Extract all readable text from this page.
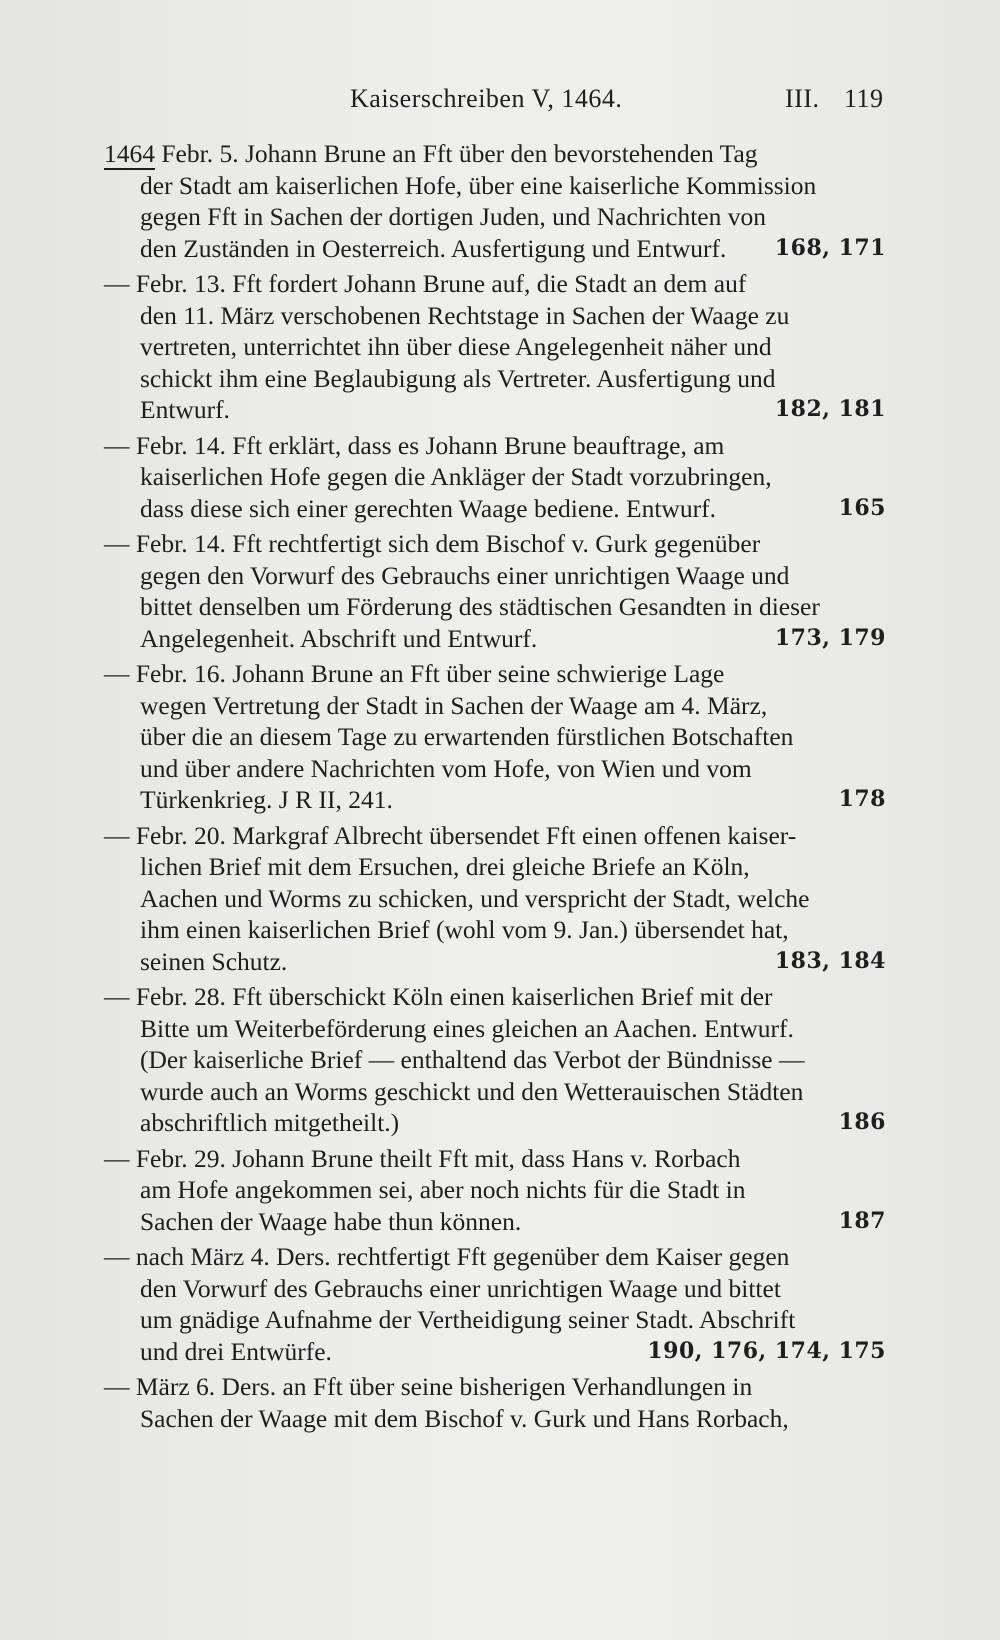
Kaiserschreiben V, 1464.	III. 119
1464 Febr. 5. Johann Brune an Fft über den bevorstehenden Tag
der Stadt am kaiserlichen Hofe, über eine kaiserliche Kommission
gegen Fft in Sachen der dortigen Juden, und Nachrichten von
den Zuständen in Oesterreich. Ausfertigung und Entwurf.	168, 171
— Febr. 13. Fft fordert Johann Brune auf, die Stadt an dem auf
den 11. März verschobenen Rechtstage in Sachen der Waage zu
vertreten, unterrichtet ihn über diese Angelegenheit näher und
schickt ihm eine Beglaubigung als Vertreter. Ausfertigung und
Entwurf.	182, 181
— Febr. 14. Fft erklärt, dass es Johann Brune beauftrage, am
kaiserlichen Hofe gegen die Ankläger der Stadt vorzubringen,
dass diese sich einer gerechten Waage bediene. Entwurf.	165
— Febr. 14. Fft rechtfertigt sich dem Bischof v. Gurk gegenüber
gegen den Vorwurf des Gebrauchs einer unrichtigen Waage und
bittet denselben um Förderung des städtischen Gesandten in dieser
Angelegenheit. Abschrift und Entwurf.	173, 179
— Febr. 16. Johann Brune an Fft über seine schwierige Lage
wegen Vertretung der Stadt in Sachen der Waage am 4. März,
über die an diesem Tage zu erwartenden fürstlichen Botschaften
und über andere Nachrichten vom Hofe, von Wien und vom
Türkenkrieg. J R II, 241.	178
— Febr. 20. Markgraf Albrecht übersendet Fft einen offenen kaiser-
lichen Brief mit dem Ersuchen, drei gleiche Briefe an Köln,
Aachen und Worms zu schicken, und verspricht der Stadt, welche
ihm einen kaiserlichen Brief (wohl vom 9. Jan.) übersendet hat,
seinen Schutz.	183, 184
— Febr. 28. Fft überschickt Köln einen kaiserlichen Brief mit der
Bitte um Weiterbeförderung eines gleichen an Aachen. Entwurf.
(Der kaiserliche Brief — enthaltend das Verbot der Bündnisse —
wurde auch an Worms geschickt und den Wetterauischen Städten
abschriftlich mitgetheilt.)	186
— Febr. 29. Johann Brune theilt Fft mit, dass Hans v. Rorbach
am Hofe angekommen sei, aber noch nichts für die Stadt in
Sachen der Waage habe thun können.	187
— nach März 4. Ders. rechtfertigt Fft gegenüber dem Kaiser gegen
den Vorwurf des Gebrauchs einer unrichtigen Waage und bittet
um gnädige Aufnahme der Vertheidigung seiner Stadt. Abschrift
und drei Entwürfe.	190, 176, 174, 175
— März 6. Ders. an Fft über seine bisherigen Verhandlungen in
Sachen der Waage mit dem Bischof v. Gurk und Hans Rorbach,
